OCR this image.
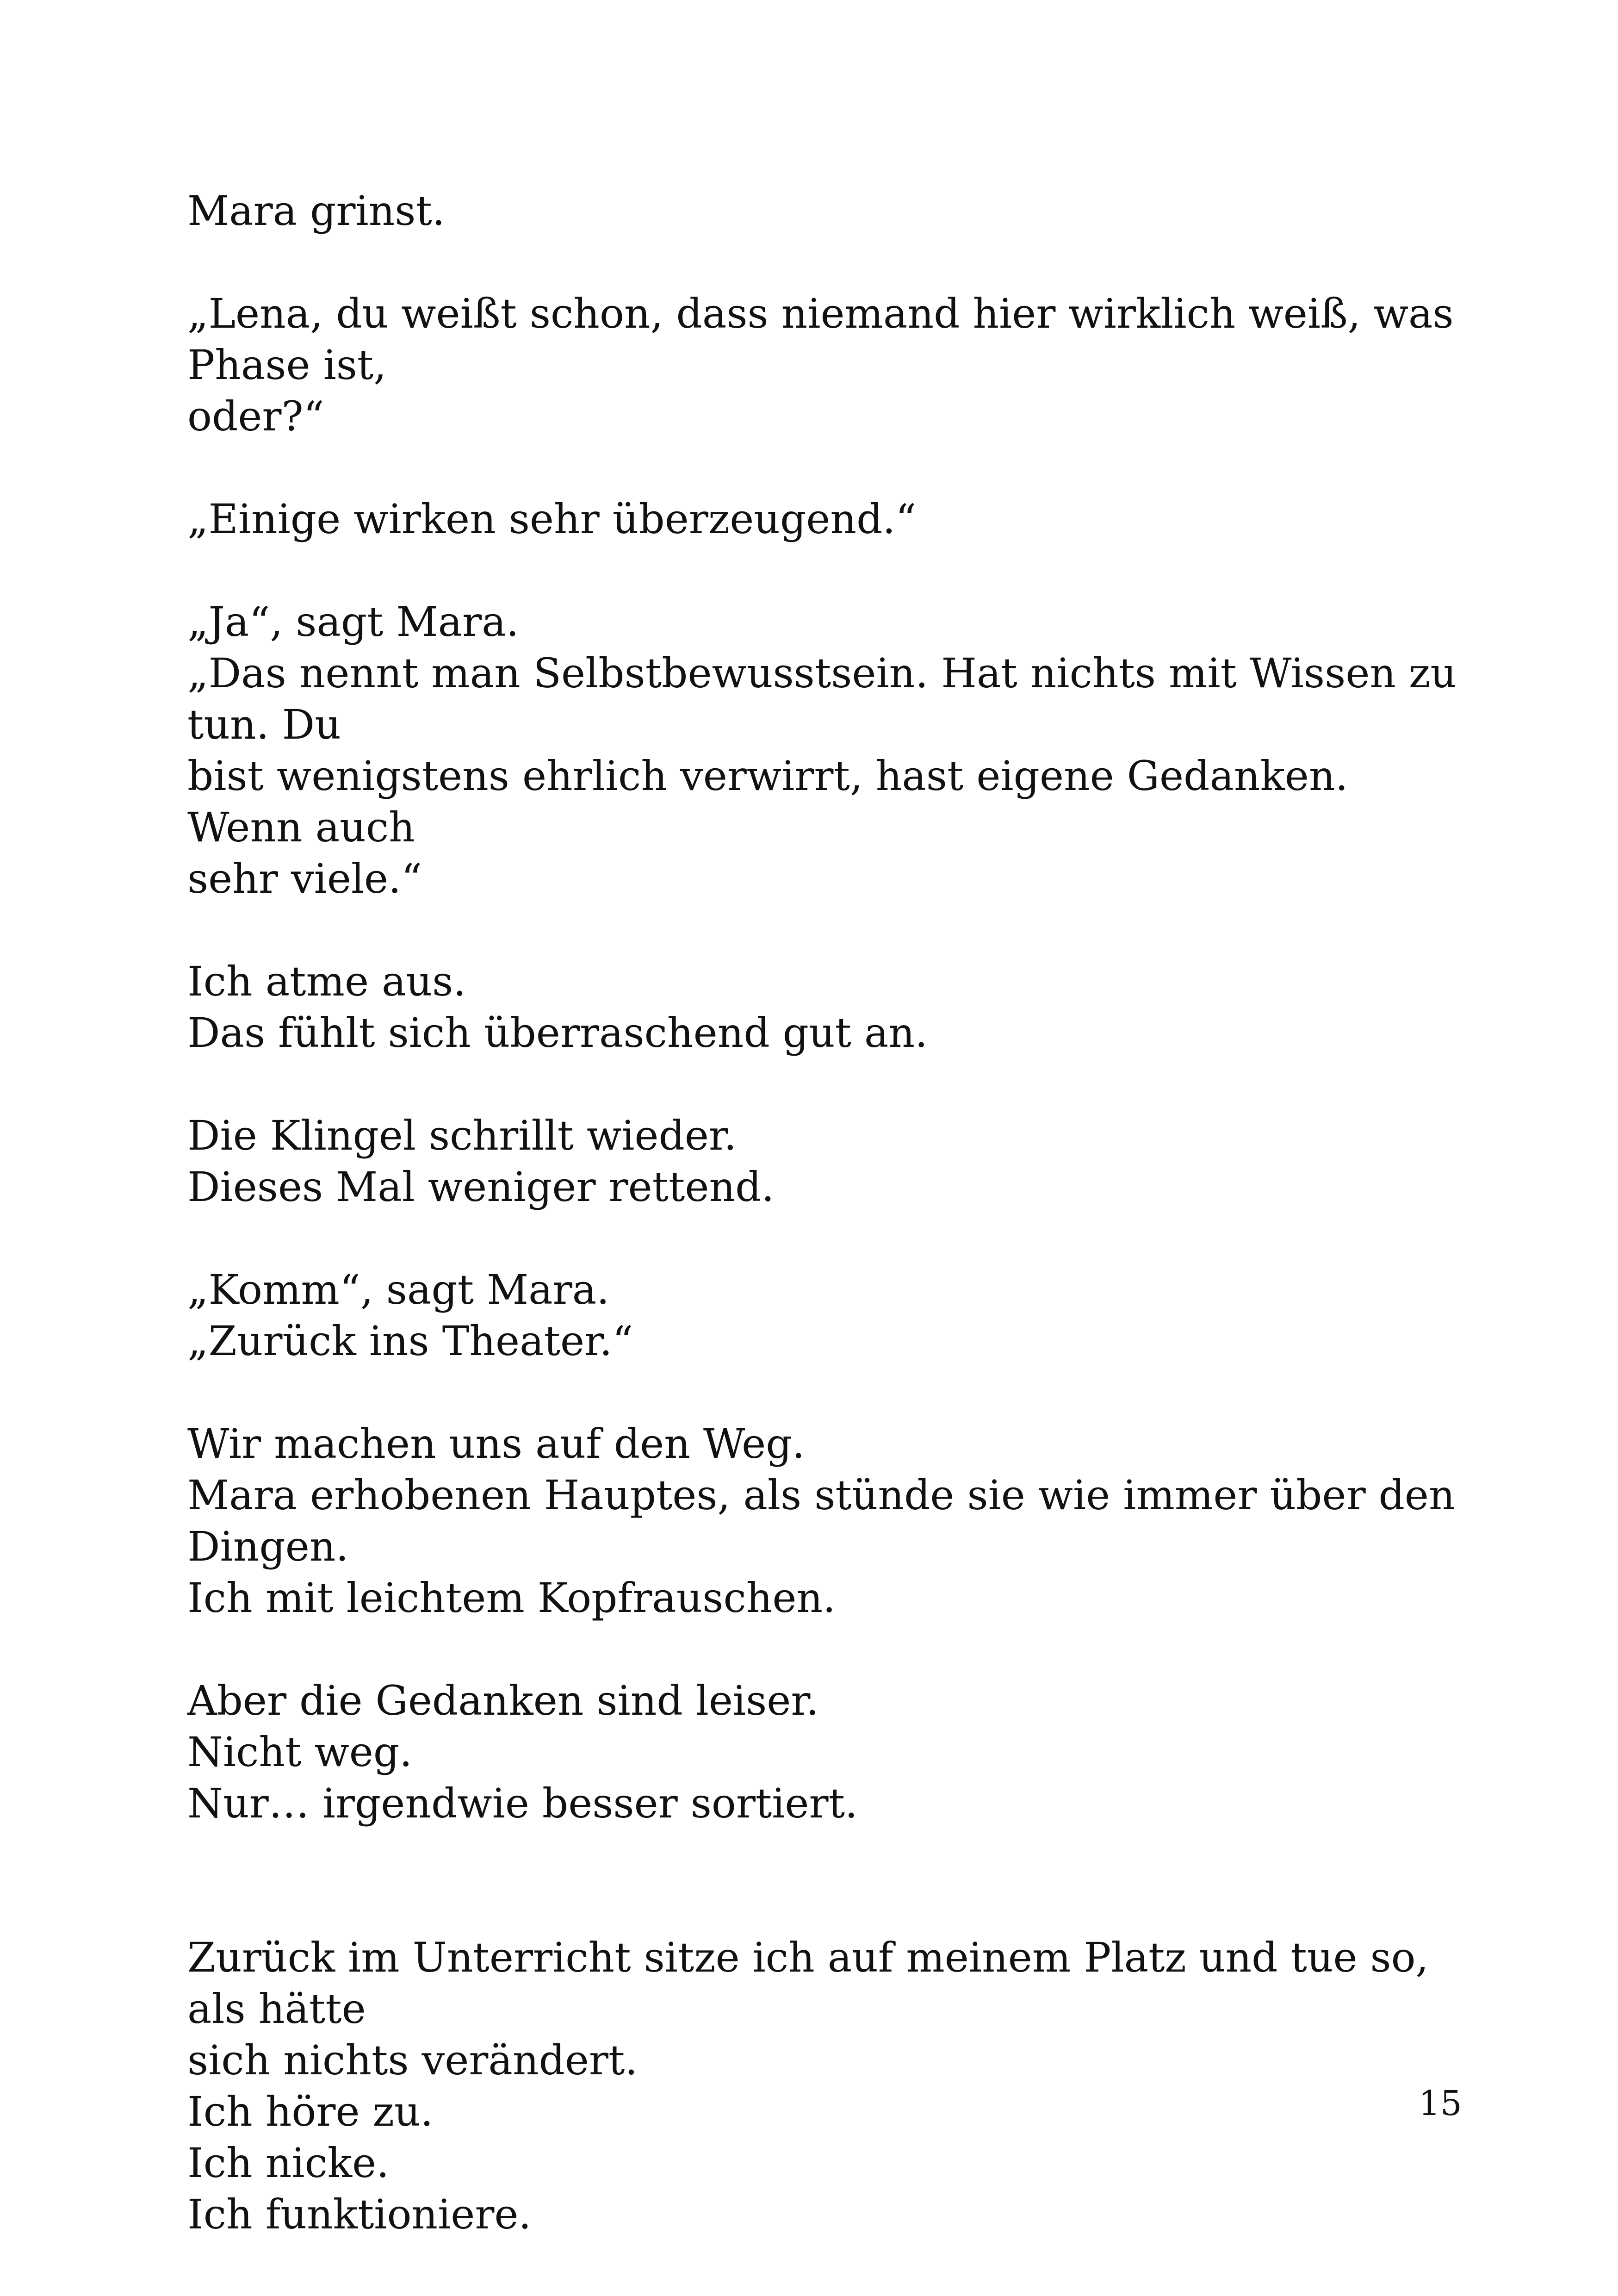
Mara grinst.

„Lena, du weißt schon, dass niemand hier wirklich weiß, was Phase ist,
oder?“

„Einige wirken sehr überzeugend.“

„Ja“, sagt Mara.
„Das nennt man Selbstbewusstsein. Hat nichts mit Wissen zu tun. Du
bist wenigstens ehrlich verwirrt, hast eigene Gedanken. Wenn auch
sehr viele.“

Ich atme aus.
Das fühlt sich überraschend gut an.

Die Klingel schrillt wieder.
Dieses Mal weniger rettend.

„Komm“, sagt Mara.
„Zurück ins Theater.“

Wir machen uns auf den Weg.
Mara erhobenen Hauptes, als stünde sie wie immer über den Dingen.
Ich mit leichtem Kopfrauschen.

Aber die Gedanken sind leiser.
Nicht weg.
Nur… irgendwie besser sortiert.

Zurück im Unterricht sitze ich auf meinem Platz und tue so, als hätte
sich nichts verändert.
Ich höre zu.
Ich nicke.
Ich funktioniere.

15
